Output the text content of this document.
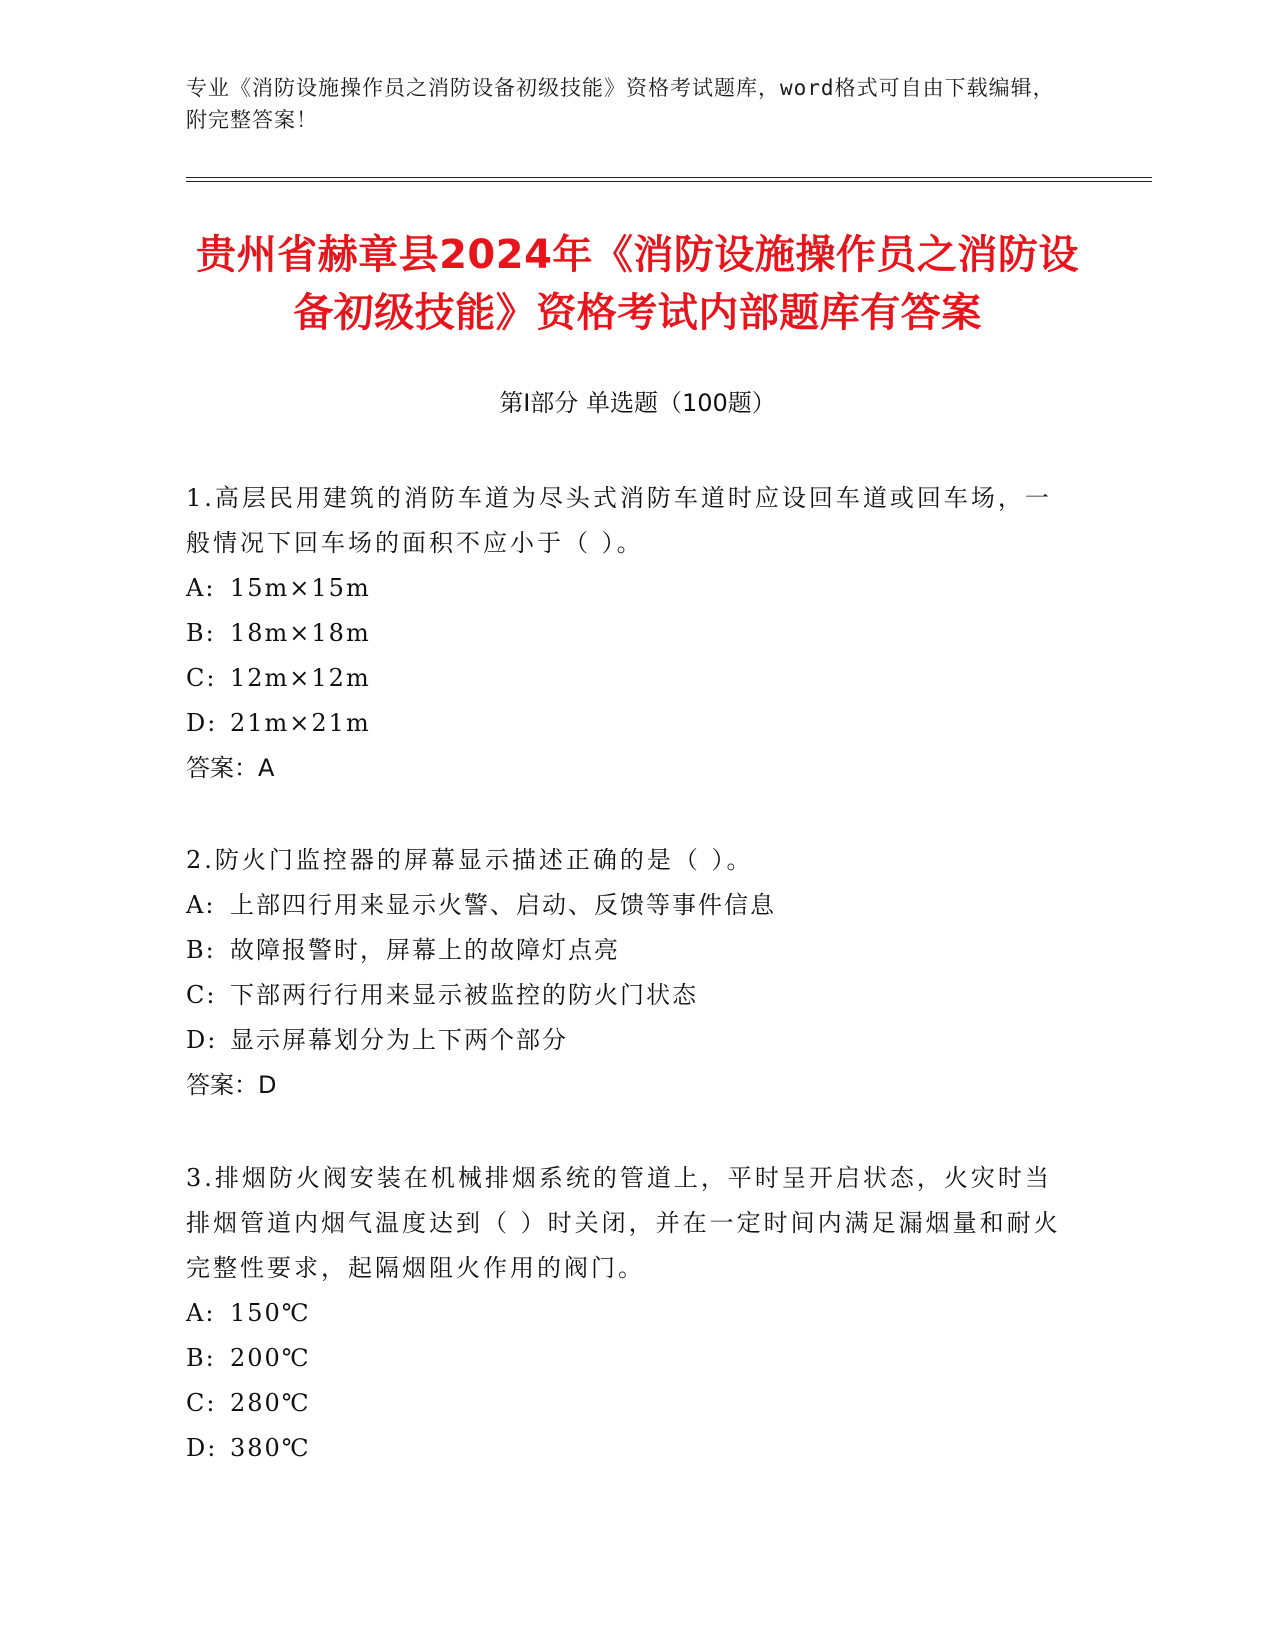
专业《消防设施操作员之消防设备初级技能》资格考试题库，word格式可自由下载编辑，附完整答案！
贵州省赫章县2024年《消防设施操作员之消防设备初级技能》资格考试内部题库有答案
第I部分 单选题（100题）

1.高层民用建筑的消防车道为尽头式消防车道时应设回车道或回车场，一般情况下回车场的面积不应小于（ ）。

A: 15m×15m

B: 18m×18m

C: 12m×12m

D: 21m×21m

答案：A

2.防火门监控器的屏幕显示描述正确的是（ ）。

A: 上部四行用来显示火警、启动、反馈等事件信息

B: 故障报警时，屏幕上的故障灯点亮

C: 下部两行行用来显示被监控的防火门状态

D: 显示屏幕划分为上下两个部分

答案：D

3.排烟防火阀安装在机械排烟系统的管道上，平时呈开启状态，火灾时当排烟管道内烟气温度达到（ ）时关闭，并在一定时间内满足漏烟量和耐火完整性要求，起隔烟阻火作用的阀门。

A: 150℃

B: 200℃

C: 280℃

D: 380℃
